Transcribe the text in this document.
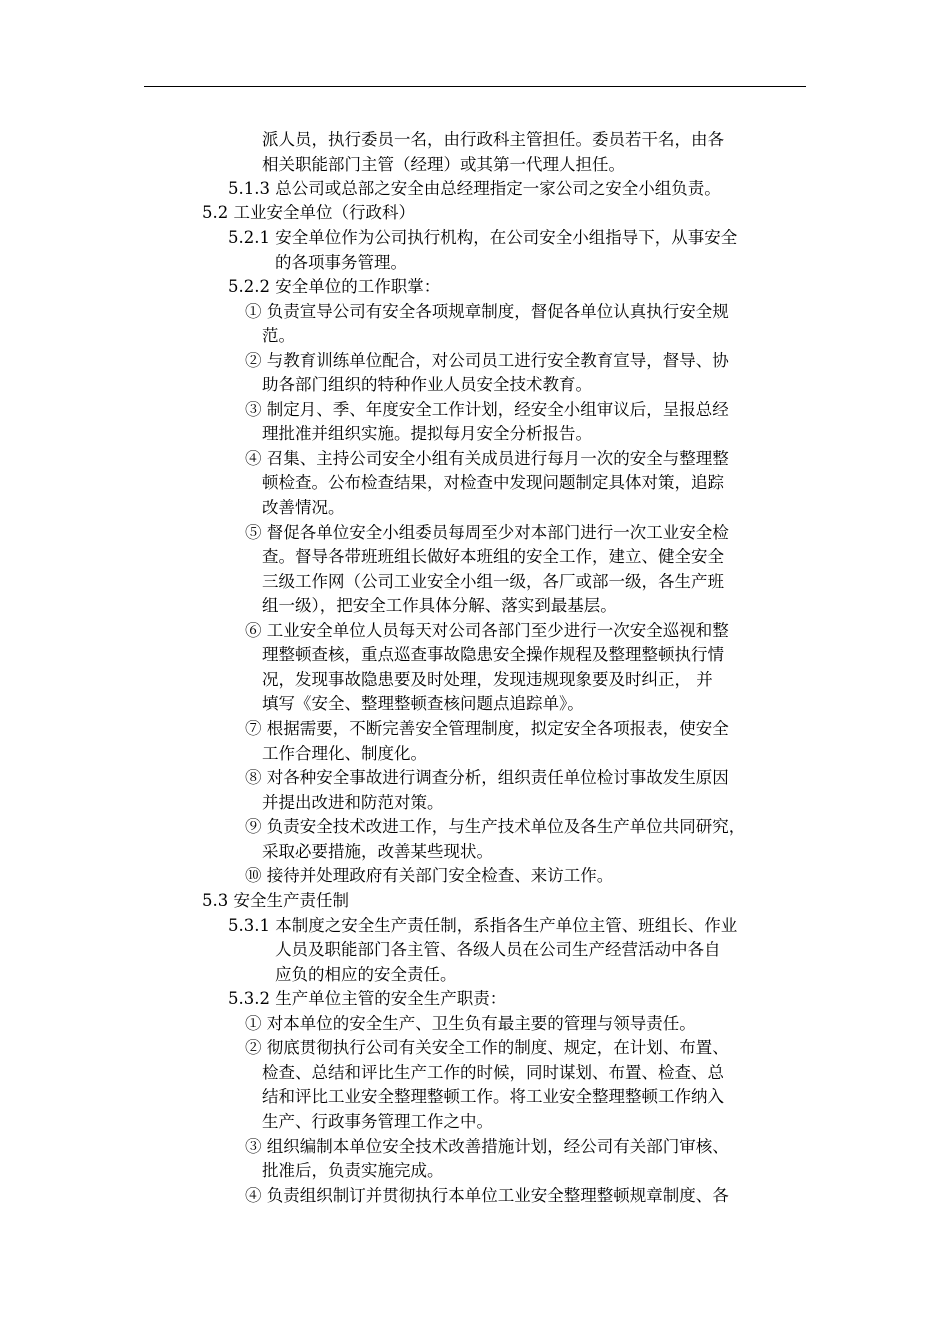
派人员，执行委员一名，由行政科主管担任。委员若干名，由各
相关职能部门主管（经理）或其第一代理人担任。
5.1.3 总公司或总部之安全由总经理指定一家公司之安全小组负责。
5.2 工业安全单位（行政科）
5.2.1 安全单位作为公司执行机构，在公司安全小组指导下，从事安全
的各项事务管理。
5.2.2 安全单位的工作职掌：
① 负责宣导公司有安全各项规章制度，督促各单位认真执行安全规
范。
② 与教育训练单位配合，对公司员工进行安全教育宣导，督导、协
助各部门组织的特种作业人员安全技术教育。
③ 制定月、季、年度安全工作计划，经安全小组审议后，呈报总经
理批准并组织实施。提拟每月安全分析报告。
④ 召集、主持公司安全小组有关成员进行每月一次的安全与整理整
顿检查。公布检查结果，对检查中发现问题制定具体对策，追踪
改善情况。
⑤ 督促各单位安全小组委员每周至少对本部门进行一次工业安全检
查。督导各带班班组长做好本班组的安全工作，建立、健全安全
三级工作网（公司工业安全小组一级，各厂或部一级，各生产班
组一级），把安全工作具体分解、落实到最基层。
⑥ 工业安全单位人员每天对公司各部门至少进行一次安全巡视和整
理整顿查核，重点巡查事故隐患安全操作规程及整理整顿执行情
况，发现事故隐患要及时处理，发现违规现象要及时纠正， 并
填写《安全、整理整顿查核问题点追踪单》。
⑦ 根据需要，不断完善安全管理制度，拟定安全各项报表，使安全
工作合理化、制度化。
⑧ 对各种安全事故进行调查分析，组织责任单位检讨事故发生原因
并提出改进和防范对策。
⑨ 负责安全技术改进工作，与生产技术单位及各生产单位共同研究，
采取必要措施，改善某些现状。
⑩ 接待并处理政府有关部门安全检查、来访工作。
5.3 安全生产责任制
5.3.1 本制度之安全生产责任制，系指各生产单位主管、班组长、作业
人员及职能部门各主管、各级人员在公司生产经营活动中各自
应负的相应的安全责任。
5.3.2 生产单位主管的安全生产职责：
① 对本单位的安全生产、卫生负有最主要的管理与领导责任。
② 彻底贯彻执行公司有关安全工作的制度、规定，在计划、布置、
检查、总结和评比生产工作的时候，同时谋划、布置、检查、总
结和评比工业安全整理整顿工作。将工业安全整理整顿工作纳入
生产、行政事务管理工作之中。
③ 组织编制本单位安全技术改善措施计划，经公司有关部门审核、
批准后，负责实施完成。
④ 负责组织制订并贯彻执行本单位工业安全整理整顿规章制度、各
